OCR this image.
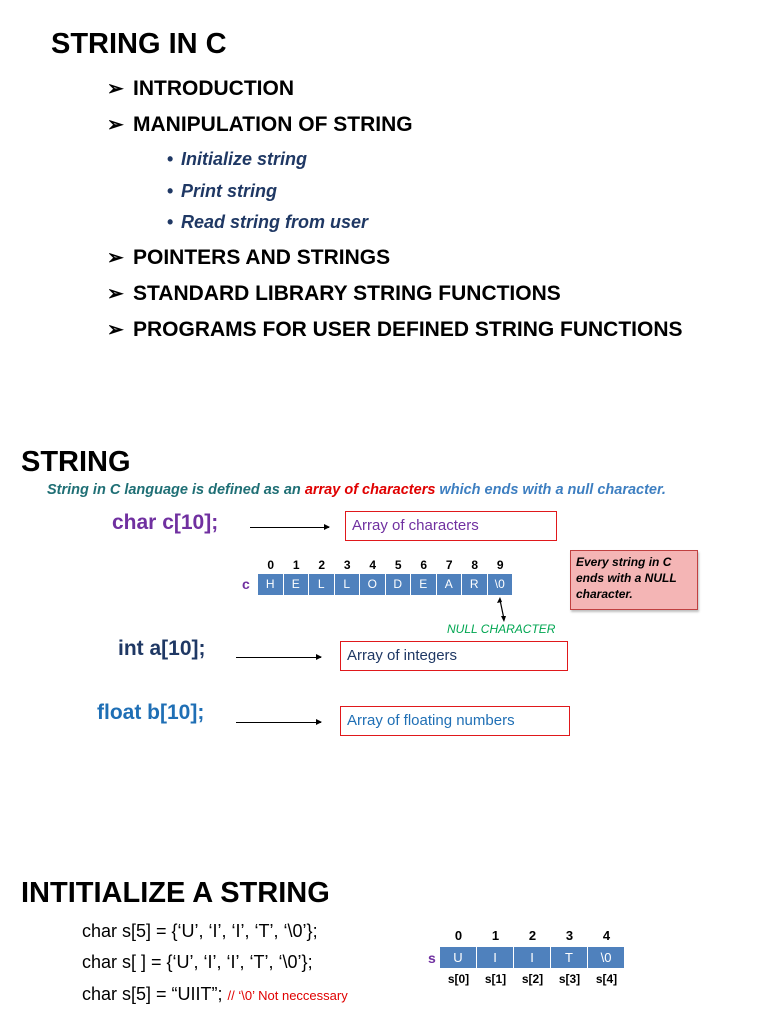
STRING IN C
➢ INTRODUCTION
➢ MANIPULATION OF STRING
• Initialize string
• Print string
• Read string from user
➢ POINTERS AND STRINGS
➢ STANDARD LIBRARY STRING FUNCTIONS
➢ PROGRAMS FOR USER DEFINED STRING FUNCTIONS
STRING
String in C language is defined as an array of characters which ends with a null character.
char c[10];	Array of characters
0	1	2	3	4	5	6	7	8	9
c	H	E	L	L	O	D	E	A	R	\0
Every string in C ends with a NULL character.
NULL CHARACTER
int a[10];	Array of integers
float b[10];	Array of floating numbers
INTITIALIZE A STRING
char s[5] = {‘U’, ‘I’, ‘I’, ‘T’, ‘\0’};
char s[ ] = {‘U’, ‘I’, ‘I’, ‘T’, ‘\0’};
char s[5] = “UIIT”; // ‘\0’ Not neccessary
0	1	2	3	4
s	U	I	I	T	\0
s[0]	s[1]	s[2]	s[3]	s[4]
